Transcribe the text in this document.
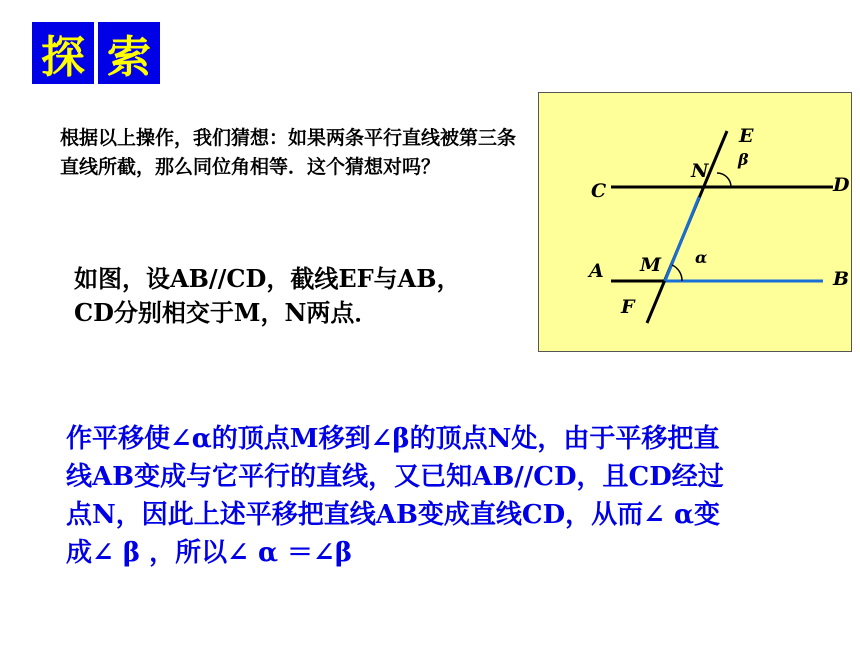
探 索
根据以上操作，我们猜想：如果两条平行直线被第三条直线所截，那么同位角相等．这个猜想对吗？
如图，设AB//CD，截线EF与AB，
CD分别相交于M，N两点．
E
β
N
C	D
M α
A	B
F
作平移使∠α的顶点M移到∠β的顶点N处，由于平移把直
线AB变成与它平行的直线，又已知AB//CD，且CD经过
点N，因此上述平移把直线AB变成直线CD，从而∠ α变
成∠ β ，所以∠ α ＝∠β
